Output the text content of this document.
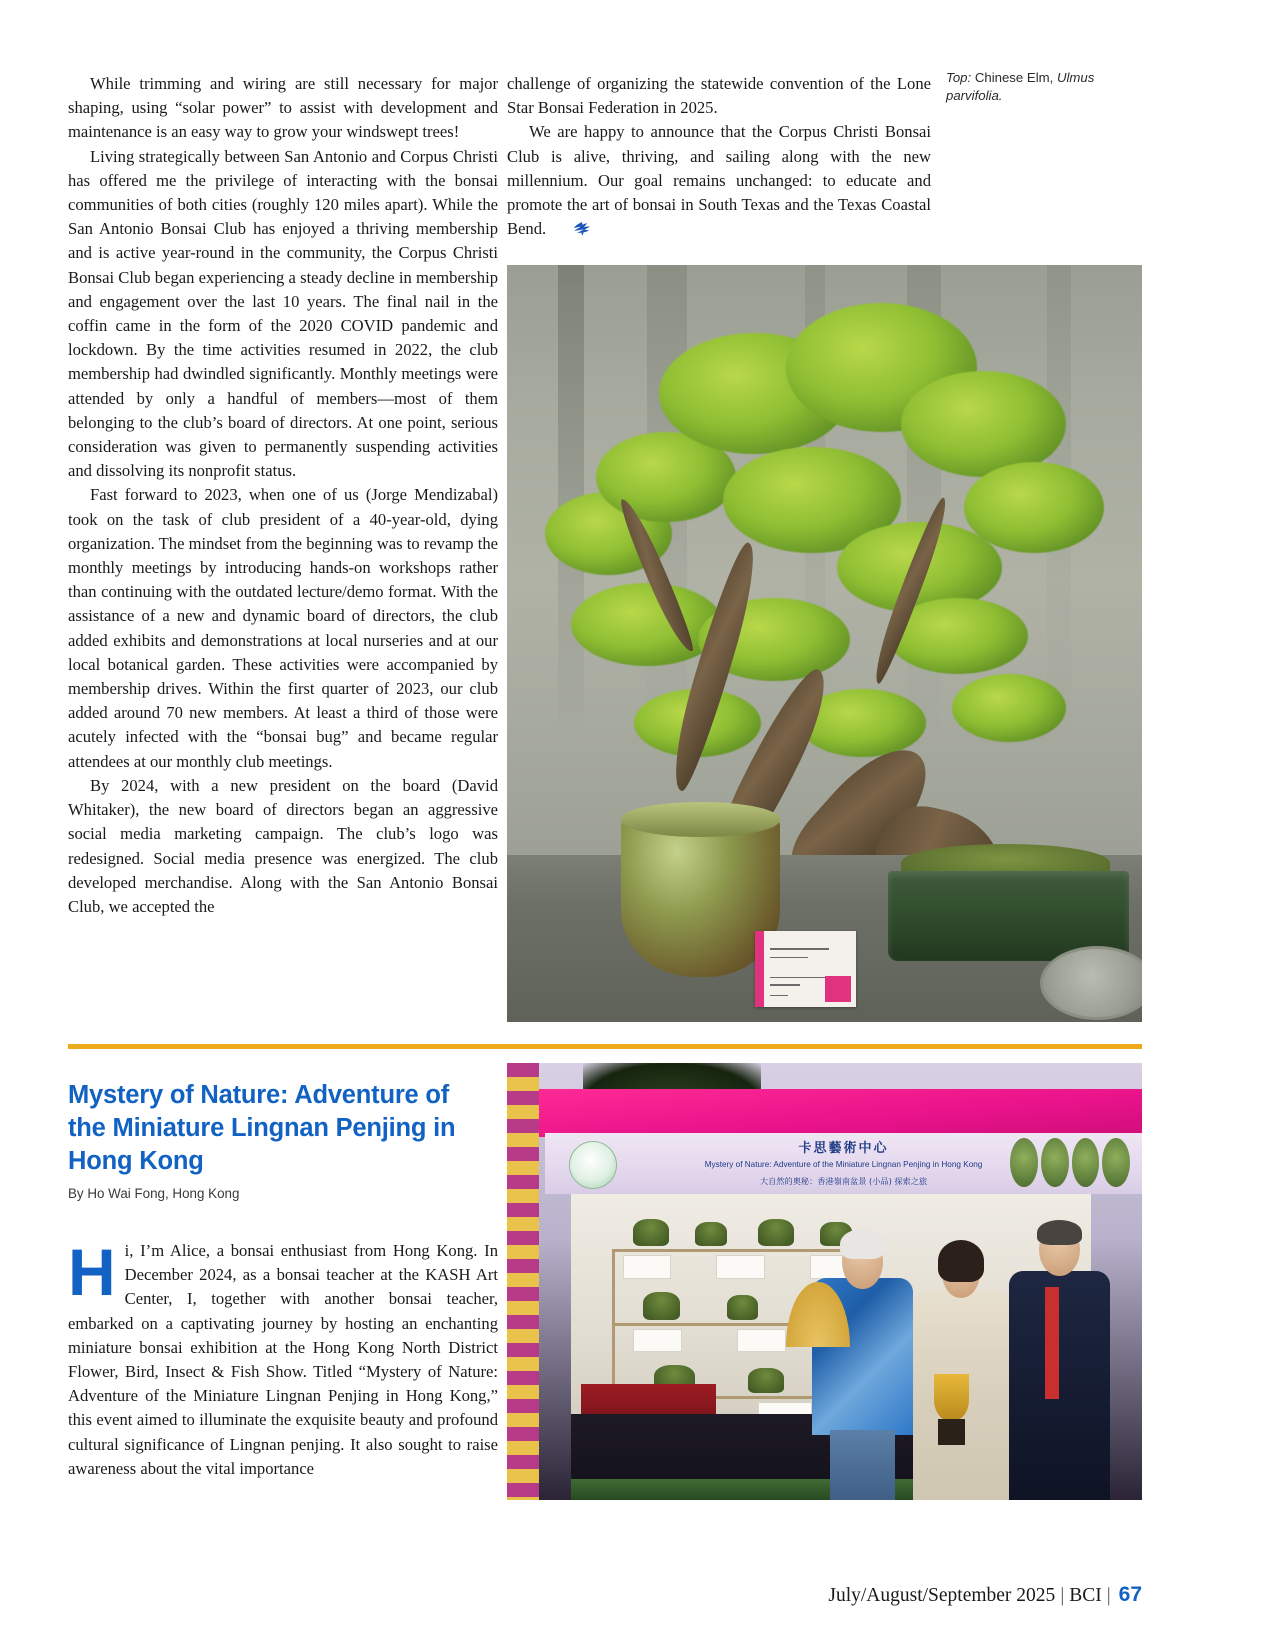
Top: Chinese Elm, Ulmus parvifolia.

While trimming and wiring are still necessary for major shaping, using “solar power” to assist with development and maintenance is an easy way to grow your windswept trees!

Living strategically between San Antonio and Corpus Christi has offered me the privilege of interacting with the bonsai communities of both cities (roughly 120 miles apart). While the San Antonio Bonsai Club has enjoyed a thriving membership and is active year-round in the community, the Corpus Christi Bonsai Club began experiencing a steady decline in membership and engagement over the last 10 years. The final nail in the coffin came in the form of the 2020 COVID pandemic and lockdown. By the time activities resumed in 2022, the club membership had dwindled significantly. Monthly meetings were attended by only a handful of members—most of them belonging to the club’s board of directors. At one point, serious consideration was given to permanently suspending activities and dissolving its nonprofit status.

Fast forward to 2023, when one of us (Jorge Mendizabal) took on the task of club president of a 40-year-old, dying organization. The mindset from the beginning was to revamp the monthly meetings by introducing hands-on workshops rather than continuing with the outdated lecture/demo format. With the assistance of a new and dynamic board of directors, the club added exhibits and demonstrations at local nurseries and at our local botanical garden. These activities were accompanied by membership drives. Within the first quarter of 2023, our club added around 70 new members. At least a third of those were acutely infected with the “bonsai bug” and became regular attendees at our monthly club meetings.

By 2024, with a new president on the board (David Whitaker), the new board of directors began an aggressive social media marketing campaign. The club’s logo was redesigned. Social media presence was energized. The club developed merchandise. Along with the San Antonio Bonsai Club, we accepted the

challenge of organizing the statewide convention of the Lone Star Bonsai Federation in 2025.

We are happy to announce that the Corpus Christi Bonsai Club is alive, thriving, and sailing along with the new millennium. Our goal remains unchanged: to educate and promote the art of bonsai in South Texas and the Texas Coastal Bend.

Mystery of Nature: Adventure of the Miniature Lingnan Penjing in Hong Kong
By Ho Wai Fong, Hong Kong
H i, I’m Alice, a bonsai enthusiast from Hong Kong. In December 2024, as a bonsai teacher at the KASH Art Center, I, together with another bonsai teacher, embarked on a captivating journey by hosting an enchanting miniature bonsai exhibition at the Hong Kong North District Flower, Bird, Insect & Fish Show. Titled “Mystery of Nature: Adventure of the Miniature Lingnan Penjing in Hong Kong,” this event aimed to illuminate the exquisite beauty and profound cultural significance of Lingnan penjing. It also sought to raise awareness about the vital importance

卡思藝術中心
Mystery of Nature: Adventure of the Miniature Lingnan Penjing in Hong Kong
大自然的奧秘：香港嶺南盆景 (小品) 探索之旅
July/August/September 2025 | BCI | 67
